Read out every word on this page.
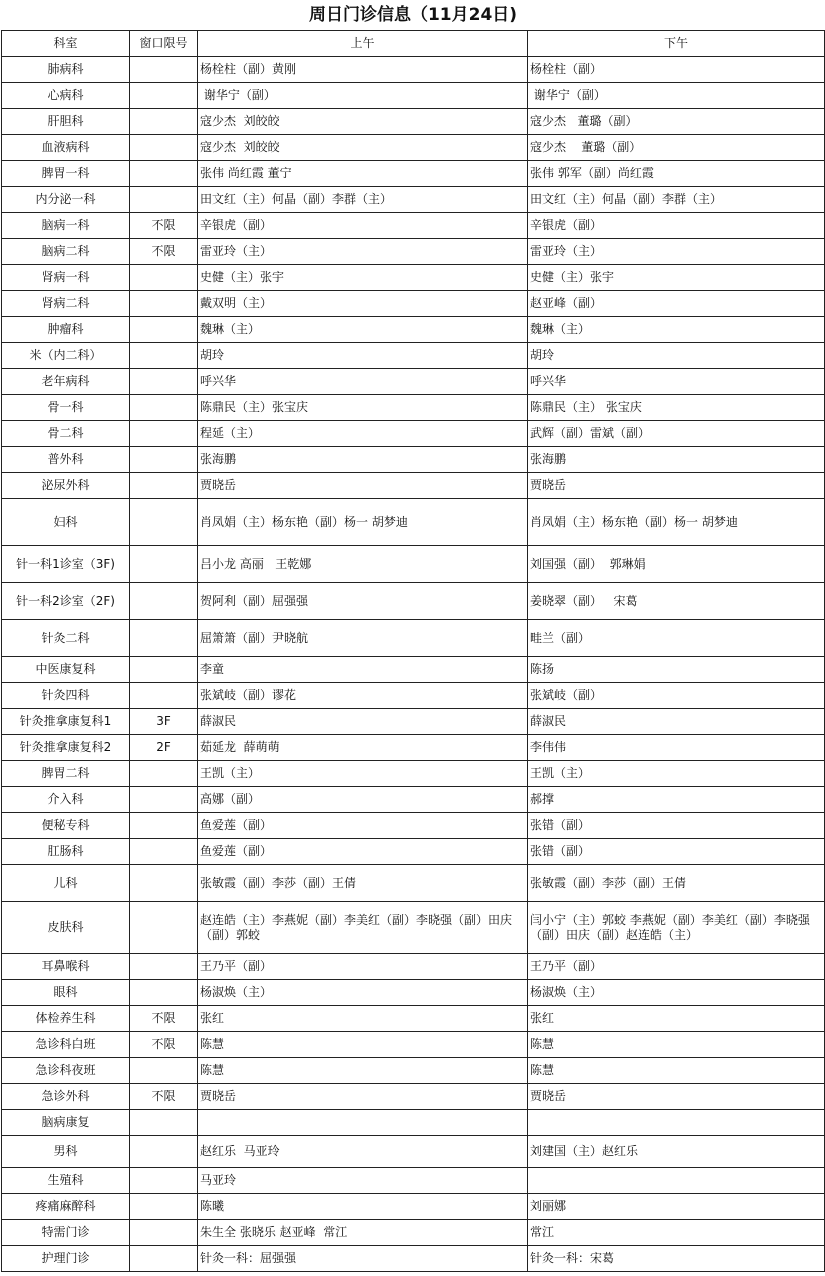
周日门诊信息（11月24日)			
科室	窗口限号	上午	下午
肺病科		杨栓柱（副）黄刚	杨栓柱（副）
心病科		谢华宁（副）	谢华宁（副）
肝胆科		寇少杰  刘皎皎	寇少杰   董璐（副）
血液病科		寇少杰  刘皎皎	寇少杰    董璐（副）
脾胃一科		张伟 尚红霞 董宁	张伟 郭军（副）尚红霞
内分泌一科		田文红（主）何晶（副）李群（主）	田文红（主）何晶（副）李群（主）
脑病一科	不限	辛银虎（副）	辛银虎（副）
脑病二科	不限	雷亚玲（主）	雷亚玲（主）
肾病一科		史健（主）张宇	史健（主）张宇
肾病二科		戴双明（主）	赵亚峰（副）
肿瘤科		魏琳（主）	魏琳（主）
米（内二科）		胡玲	胡玲
老年病科		呼兴华	呼兴华
骨一科		陈鼎民（主）张宝庆	陈鼎民（主） 张宝庆
骨二科		程延（主）	武辉（副）雷斌（副）
普外科		张海鹏	张海鹏
泌尿外科		贾晓岳	贾晓岳
妇科		肖凤娟（主）杨东艳（副）杨一 胡梦迪	肖凤娟（主）杨东艳（副）杨一 胡梦迪
针一科1诊室（3F)		吕小龙 高丽   王乾娜	刘国强（副）  郭琳娟
针一科2诊室（2F)		贺阿利（副）屈强强	姜晓翠（副）   宋葛
针灸二科		屈箫箫（副）尹晓航	畦兰（副）
中医康复科		李童	陈扬
针灸四科		张斌岐（副）谬花	张斌岐（副）
针灸推拿康复科1	3F	薛淑民	薛淑民
针灸推拿康复科2	2F	茹延龙  薛萌萌	李伟伟
脾胃二科		王凯（主）	王凯（主）
介入科		高娜（副）	郝撑
便秘专科		鱼爱莲（副）	张错（副）
肛肠科		鱼爱莲（副）	张错（副）
儿科		张敏霞（副）李莎（副）王倩	张敏霞（副）李莎（副）王倩
皮肤科		赵连皓（主）李燕妮（副）李美红（副）李晓强（副）田庆（副）郭蛟	闫小宁（主）郭蛟 李燕妮（副）李美红（副）李晓强（副）田庆（副）赵连皓（主）
耳鼻喉科		王乃平（副）	王乃平（副）
眼科		杨淑焕（主）	杨淑焕（主）
体检养生科	不限	张红	张红
急诊科白班	不限	陈慧	陈慧
急诊科夜班		陈慧	陈慧
急诊外科	不限	贾晓岳	贾晓岳
脑病康复			
男科		赵红乐  马亚玲	刘建国（主）赵红乐
生殖科		马亚玲	
疼痛麻醉科		陈曦	刘丽娜
特需门诊		朱生全 张晓乐 赵亚峰  常江	常江
护理门诊		针灸一科：屈强强	针灸一科：宋葛
